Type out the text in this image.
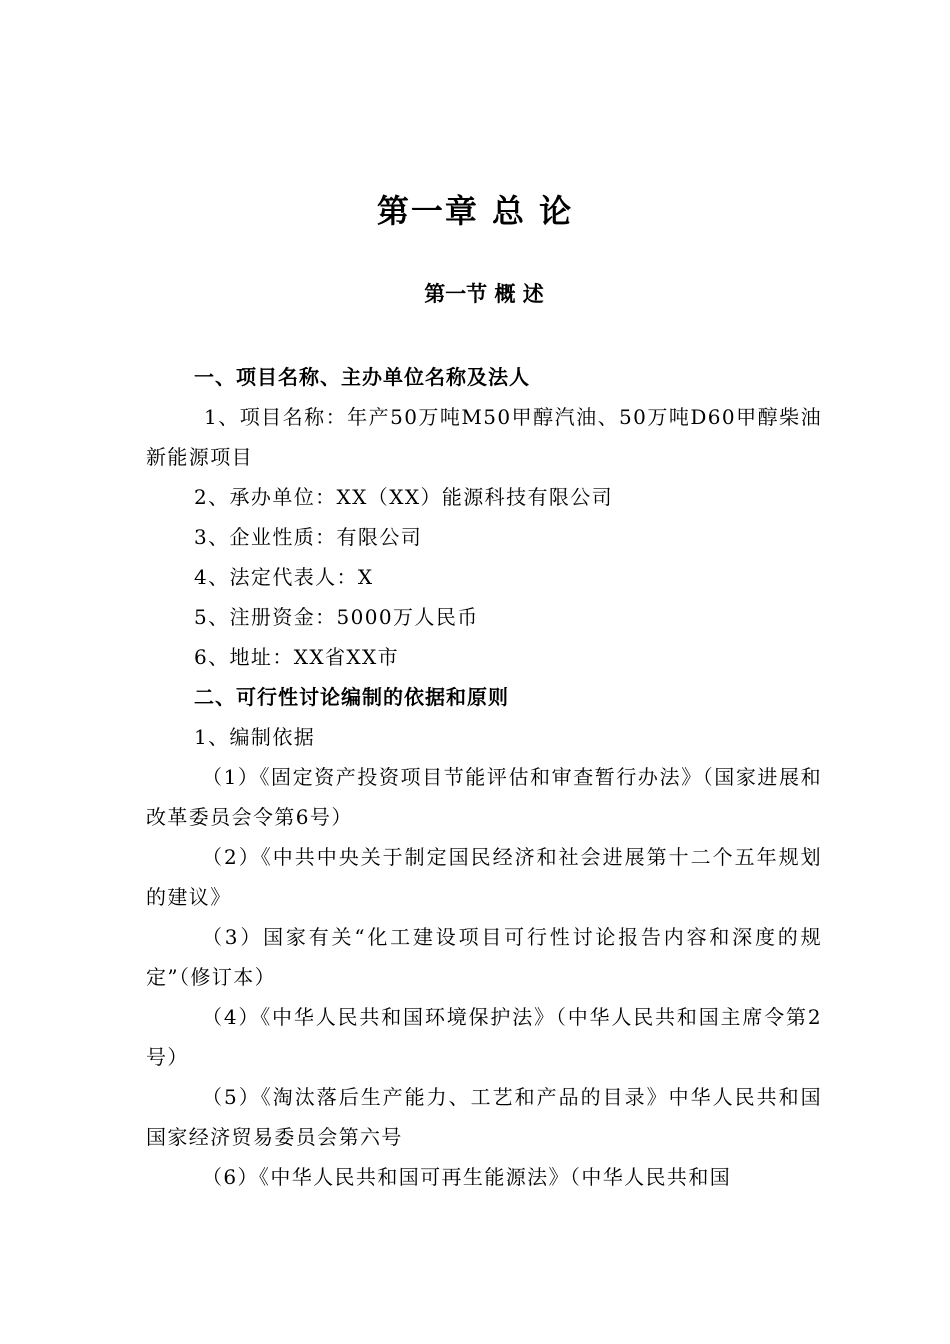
第一章 总 论
第一节 概 述

一、项目名称、主办单位名称及法人

1、项目名称：年产50万吨M50甲醇汽油、50万吨D60甲醇柴油新能源项目

2、承办单位：XX（XX）能源科技有限公司

3、企业性质：有限公司

4、法定代表人：X

5、注册资金：5000万人民币

6、地址：XX省XX市

二、可行性讨论编制的依据和原则

1、编制依据

（1）《固定资产投资项目节能评估和审查暂行办法》（国家进展和改革委员会令第6号）

（2）《中共中央关于制定国民经济和社会进展第十二个五年规划的建议》

（3）国家有关“化工建设项目可行性讨论报告内容和深度的规定”（修订本）

（4）《中华人民共和国环境保护法》（中华人民共和国主席令第2号）

（5）《淘汰落后生产能力、工艺和产品的目录》中华人民共和国国家经济贸易委员会第六号

（6）《中华人民共和国可再生能源法》（中华人民共和国
